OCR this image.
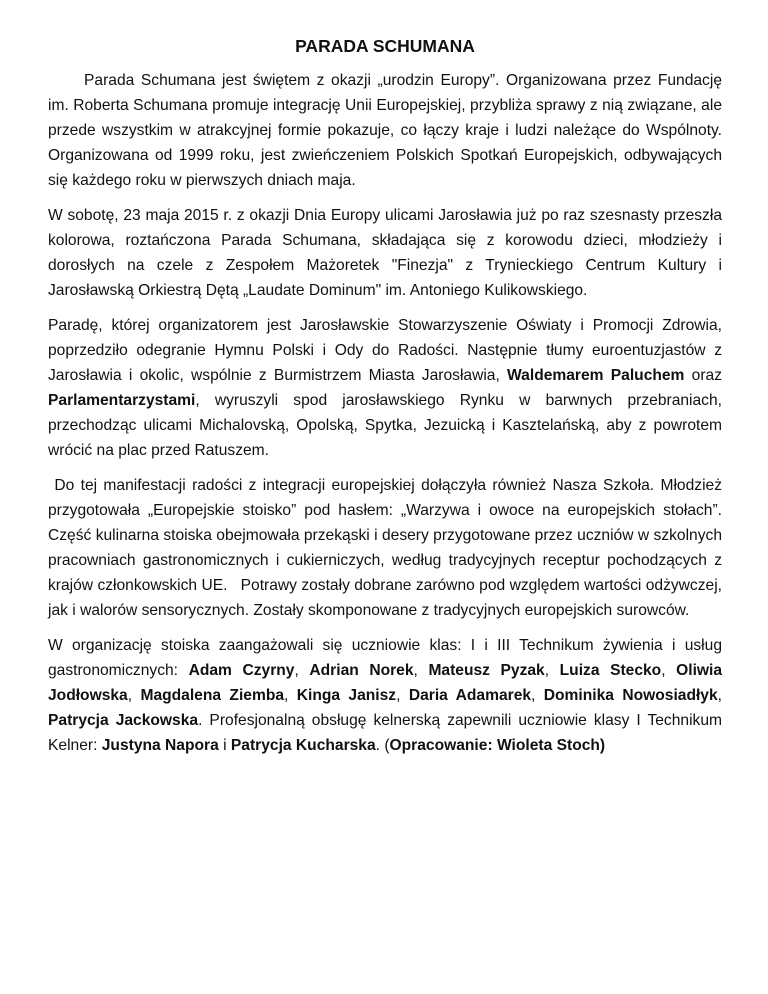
PARADA SCHUMANA

Parada Schumana jest świętem z okazji „urodzin Europy”. Organizowana przez Fundację im. Roberta Schumana promuje integrację Unii Europejskiej, przybliża sprawy z nią związane, ale przede wszystkim w atrakcyjnej formie pokazuje, co łączy kraje i ludzi należące do Wspólnoty. Organizowana od 1999 roku, jest zwieńczeniem Polskich Spotkań Europejskich, odbywających się każdego roku w pierwszych dniach maja.

W sobotę, 23 maja 2015 r. z okazji Dnia Europy ulicami Jarosławia już po raz szesnasty przeszła kolorowa, roztańczona Parada Schumana, składająca się z korowodu dzieci, młodzieży i dorosłych na czele z Zespołem Mażoretek "Finezja" z Trynieckiego Centrum Kultury i Jarosławską Orkiestrą Dętą „Laudate Dominum" im. Antoniego Kulikowskiego.

Paradę, której organizatorem jest Jarosławskie Stowarzyszenie Oświaty i Promocji Zdrowia, poprzedziło odegranie Hymnu Polski i Ody do Radości. Następnie tłumy euroentuzjastów z Jarosławia i okolic, wspólnie z Burmistrzem Miasta Jarosławia, Waldemarem Paluchem oraz Parlamentarzystami, wyruszyli spod jarosławskiego Rynku w barwnych przebraniach, przechodząc ulicami Michalovską, Opolską, Spytka, Jezuicką i Kasztelańską, aby z powrotem wrócić na plac przed Ratuszem.

Do tej manifestacji radości z integracji europejskiej dołączyła również Nasza Szkoła. Młodzież przygotowała „Europejskie stoisko” pod hasłem: „Warzywa i owoce na europejskich stołach”. Część kulinarna stoiska obejmowała przekąski i desery przygotowane przez uczniów w szkolnych pracowniach gastronomicznych i cukierniczych, według tradycyjnych receptur pochodzących z krajów członkowskich UE.   Potrawy zostały dobrane zarówno pod względem wartości odżywczej, jak i walorów sensorycznych. Zostały skomponowane z tradycyjnych europejskich surowców.

W organizację stoiska zaangażowali się uczniowie klas: I i III Technikum żywienia i usług gastronomicznych: Adam Czyrny, Adrian Norek, Mateusz Pyzak, Luiza Stecko, Oliwia Jodłowska, Magdalena Ziemba, Kinga Janisz, Daria Adamarek, Dominika Nowosiadłyk, Patrycja Jackowska. Profesjonalną obsługę kelnerską zapewnili uczniowie klasy I Technikum Kelner: Justyna Napora i Patrycja Kucharska. (Opracowanie: Wioleta Stoch)
